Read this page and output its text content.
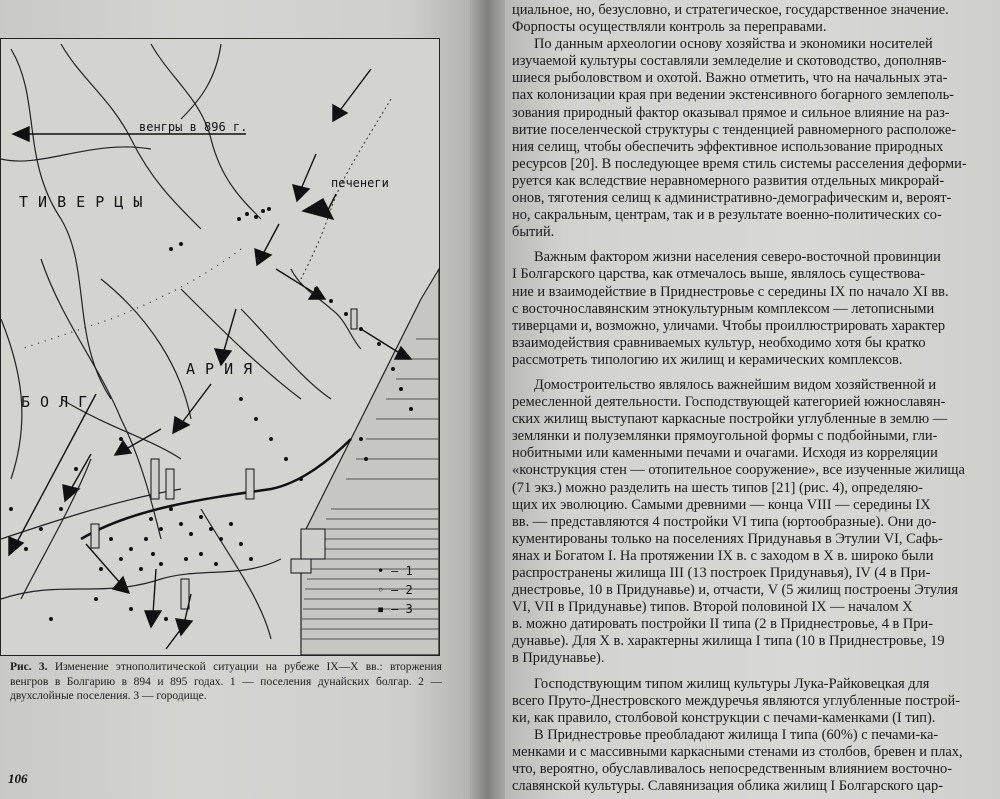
венгры в 896 г.
печенеги
Т И В Е Р Ц Ы
Б О Л Г
А Р И Я
• — 1
◦ — 2
▪ — 3
Рис. 3. Изменение этнополитической ситуации на рубеже IX—X вв.: вторжения венгров в Болгарию в 894 и 895 годах. 1 — поселения дунайских болгар. 2 — двухслойные поселения. 3 — городище.
106

циальное, но, безусловно, и стратегическое, государственное значение.
Форпосты осуществляли контроль за переправами.

По данным археологии основу хозяйства и экономики носителей
изучаемой культуры составляли земледелие и скотоводство, дополняв-
шиеся рыболовством и охотой. Важно отметить, что на начальных эта-
пах колонизации края при ведении экстенсивного богарного землеполь-
зования природный фактор оказывал прямое и сильное влияние на раз-
витие поселенческой структуры с тенденцией равномерного расположе-
ния селищ, чтобы обеспечить эффективное использование природных
ресурсов [20]. В последующее время стиль системы расселения деформи-
руется как вследствие неравномерного развития отдельных микрорай-
онов, тяготения селищ к административно-демографическим и, вероят-
но, сакральным, центрам, так и в результате военно-политических со-
бытий.

Важным фактором жизни населения северо-восточной провинции
I Болгарского царства, как отмечалось выше, являлось существова-
ние и взаимодействие в Приднестровье с середины IX по начало XI вв.
с восточнославянским этнокультурным комплексом — летописными
тиверцами и, возможно, уличами. Чтобы проиллюстрировать характер
взаимодействия сравниваемых культур, необходимо хотя бы кратко
рассмотреть типологию их жилищ и керамических комплексов.

Домостроительство являлось важнейшим видом хозяйственной и
ремесленной деятельности. Господствующей категорией южнославян-
ских жилищ выступают каркасные постройки углубленные в землю —
землянки и полуземлянки прямоугольной формы с подбойными, гли-
нобитными или каменными печами и очагами. Исходя из корреляции
«конструкция стен — отопительное сооружение», все изученные жилища
(71 экз.) можно разделить на шесть типов [21] (рис. 4), определяю-
щих их эволюцию. Самыми древними — конца VIII — середины IX
вв. — представляются 4 постройки VI типа (юртообразные). Они до-
кументированы только на поселениях Придунавья в Этулии VI, Сафь-
янах и Богатом I. На протяжении IX в. с заходом в X в. широко были
распространены жилища III (13 построек Придунавья), IV (4 в При-
днестровье, 10 в Придунавье) и, отчасти, V (5 жилищ построены Этулия
VI, VII в Придунавье) типов. Второй половиной IX — началом X
в. можно датировать постройки II типа (2 в Приднестровье, 4 в При-
дунавье). Для X в. характерны жилища I типа (10 в Приднестровье, 19
в Придунавье).

Господствующим типом жилищ культуры Лука-Райковецкая для
всего Пруто-Днестровского междуречья являются углубленные построй-
ки, как правило, столбовой конструкции с печами-каменками (I тип).
В Приднестровье преобладают жилища I типа (60%) с печами-ка-
менками и с массивными каркасными стенами из столбов, бревен и плах,
что, вероятно, обуславливалось непосредственным влиянием восточно-
славянской культуры. Славянизация облика жилищ I Болгарского цар-
